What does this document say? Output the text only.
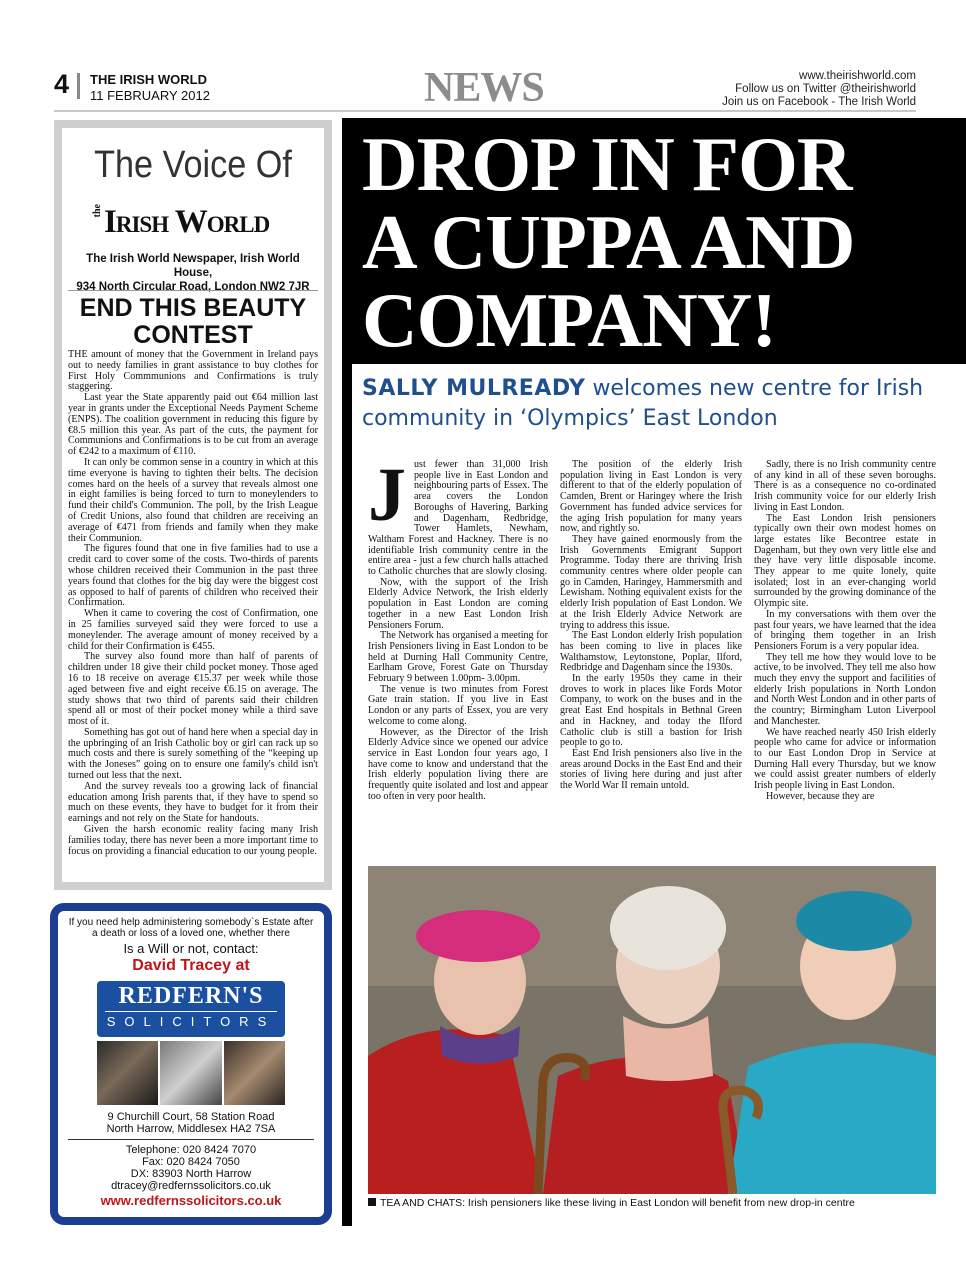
4 THE IRISH WORLD
11 FEBRUARY 2012	NEWS	www.theirishworld.com
Follow us on Twitter @theirishworld
Join us on Facebook - The Irish World
The Voice Of
the Irish World
The Irish World Newspaper, Irish World House,
934 North Circular Road, London NW2 7JR
END THIS BEAUTY CONTEST

THE amount of money that the Government in Ireland pays out to needy families in grant assistance to buy clothes for First Holy Commmunions and Confirmations is truly staggering.

Last year the State apparently paid out €64 million last year in grants under the Exceptional Needs Payment Scheme (ENPS). The coalition government in reducing this figure by €8.5 million this year. As part of the cuts, the payment for Communions and Confirmations is to be cut from an average of €242 to a maximum of €110.

It can only be common sense in a country in which at this time everyone is having to tighten their belts. The decision comes hard on the heels of a survey that reveals almost one in eight families is being forced to turn to moneylenders to fund their child's Communion. The poll, by the Irish League of Credit Unions, also found that children are receiving an average of €471 from friends and family when they make their Communion.

The figures found that one in five families had to use a credit card to cover some of the costs. Two-thirds of parents whose children received their Communion in the past three years found that clothes for the big day were the biggest cost as opposed to half of parents of children who received their Confirmation.

When it came to covering the cost of Confirmation, one in 25 families surveyed said they were forced to use a moneylender. The average amount of money received by a child for their Confirmation is €455.

The survey also found more than half of parents of children under 18 give their child pocket money. Those aged 16 to 18 receive on average €15.37 per week while those aged between five and eight receive €6.15 on average. The study shows that two third of parents said their children spend all or most of their pocket money while a third save most of it.

Something has got out of hand here when a special day in the upbringing of an Irish Catholic boy or girl can rack up so much costs and there is surely something of the “keeping up with the Joneses” going on to ensure one family's child isn't turned out less that the next.

And the survey reveals too a growing lack of financial education among Irish parents that, if they have to spend so much on these events, they have to budget for it from their earnings and not rely on the State for handouts.

Given the harsh economic reality facing many Irish families today, there has never been a more important time to focus on providing a financial education to our young people.

If you need help administering somebody`s Estate after a death or loss of a loved one, whether there
Is a Will or not, contact:
David Tracey at
REDFERN'S
SOLICITORS
9 Churchill Court, 58 Station Road
North Harrow, Middlesex HA2 7SA
Telephone: 020 8424 7070
Fax: 020 8424 7050
DX: 83903 North Harrow
dtracey@redfernssolicitors.co.uk
www.redfernssolicitors.co.uk
DROP IN FOR
A CUPPA AND
COMPANY!
SALLY MULREADY welcomes new centre for Irish community in ‘Olympics’ East London
J ust fewer than 31,000 Irish people live in East London and neighbouring parts of Essex. The area covers the London Boroughs of Havering, Barking and Dagenham, Redbridge, Tower Hamlets, Newham, Waltham Forest and Hackney. There is no identifiable Irish community centre in the entire area - just a few church halls attached to Catholic churches that are slowly closing.

Now, with the support of the Irish Elderly Advice Network, the Irish elderly population in East London are coming together in a new East London Irish Pensioners Forum.

The Network has organised a meeting for Irish Pensioners living in East London to be held at Durning Hall Community Centre, Earlham Grove, Forest Gate on Thursday February 9 between 1.00pm- 3.00pm.

The venue is two minutes from Forest Gate train station. If you live in East London or any parts of Essex, you are very welcome to come along.

However, as the Director of the Irish Elderly Advice since we opened our advice service in East London four years ago, I have come to know and understand that the Irish elderly population living there are frequently quite isolated and lost and appear too often in very poor health.

The position of the elderly Irish population living in East London is very different to that of the elderly population of Camden, Brent or Haringey where the Irish Government has funded advice services for the aging Irish population for many years now, and rightly so.

They have gained enormously from the Irish Governments Emigrant Support Programme. Today there are thriving Irish community centres where older people can go in Camden, Haringey, Hammersmith and Lewisham. Nothing equivalent exists for the elderly Irish population of East London. We at the Irish Elderly Advice Network are trying to address this issue.

The East London elderly Irish population has been coming to live in places like Walthamstow, Leytonstone, Poplar, Ilford, Redbridge and Dagenham since the 1930s.

In the early 1950s they came in their droves to work in places like Fords Motor Company, to work on the buses and in the great East End hospitals in Bethnal Green and in Hackney, and today the Ilford Catholic club is still a bastion for Irish people to go to.

East End Irish pensioners also live in the areas around Docks in the East End and their stories of living here during and just after the World War II remain untold.

Sadly, there is no Irish community centre of any kind in all of these seven boroughs. There is as a consequence no co-ordinated Irish community voice for our elderly Irish living in East London.

The East London Irish pensioners typically own their own modest homes on large estates like Becontree estate in Dagenham, but they own very little else and they have very little disposable income. They appear to me quite lonely, quite isolated; lost in an ever-changing world surrounded by the growing dominance of the Olympic site.

In my conversations with them over the past four years, we have learned that the idea of bringing them together in an Irish Pensioners Forum is a very popular idea.

They tell me how they would love to be active, to be involved. They tell me also how much they envy the support and facilities of elderly Irish populations in North London and North West London and in other parts of the country; Birmingham Luton Liverpool and Manchester.

We have reached nearly 450 Irish elderly people who came for advice or information to our East London Drop in Service at Durning Hall every Thursday, but we know we could assist greater numbers of elderly Irish people living in East London.

However, because they are

TEA AND CHATS: Irish pensioners like these living in East London will benefit from new drop-in centre
